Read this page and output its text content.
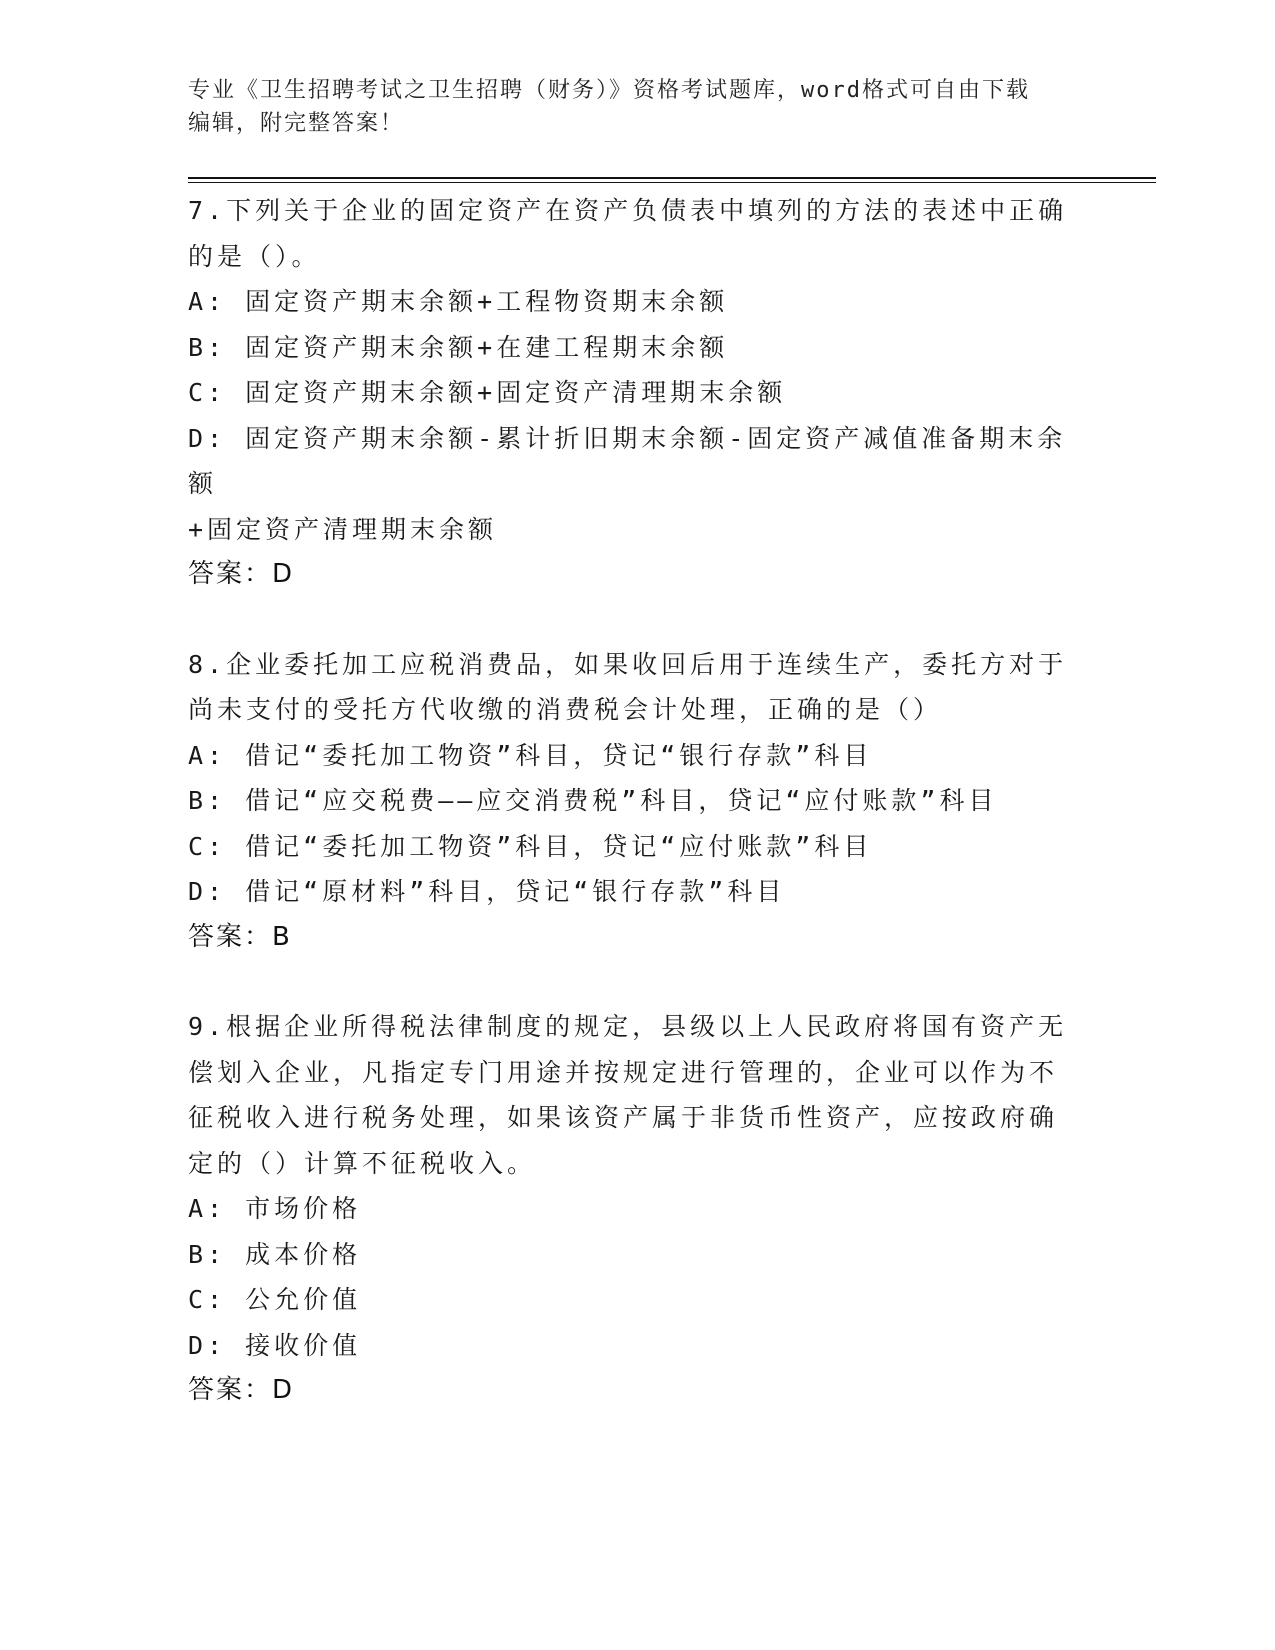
专业《卫生招聘考试之卫生招聘（财务）》资格考试题库，word格式可自由下载
编辑，附完整答案！

7.下列关于企业的固定资产在资产负债表中填列的方法的表述中正确

的是（）。

A: 固定资产期末余额+工程物资期末余额

B: 固定资产期末余额+在建工程期末余额

C: 固定资产期末余额+固定资产清理期末余额

D: 固定资产期末余额-累计折旧期末余额-固定资产减值准备期末余额

+固定资产清理期末余额

答案：D

8.企业委托加工应税消费品，如果收回后用于连续生产，委托方对于

尚未支付的受托方代收缴的消费税会计处理，正确的是（）

A: 借记“委托加工物资”科目，贷记“银行存款”科目

B: 借记“应交税费——应交消费税”科目，贷记“应付账款”科目

C: 借记“委托加工物资”科目，贷记“应付账款”科目

D: 借记“原材料”科目，贷记“银行存款”科目

答案：B

9.根据企业所得税法律制度的规定，县级以上人民政府将国有资产无

偿划入企业，凡指定专门用途并按规定进行管理的，企业可以作为不

征税收入进行税务处理，如果该资产属于非货币性资产，应按政府确

定的（）计算不征税收入。

A: 市场价格

B: 成本价格

C: 公允价值

D: 接收价值

答案：D
